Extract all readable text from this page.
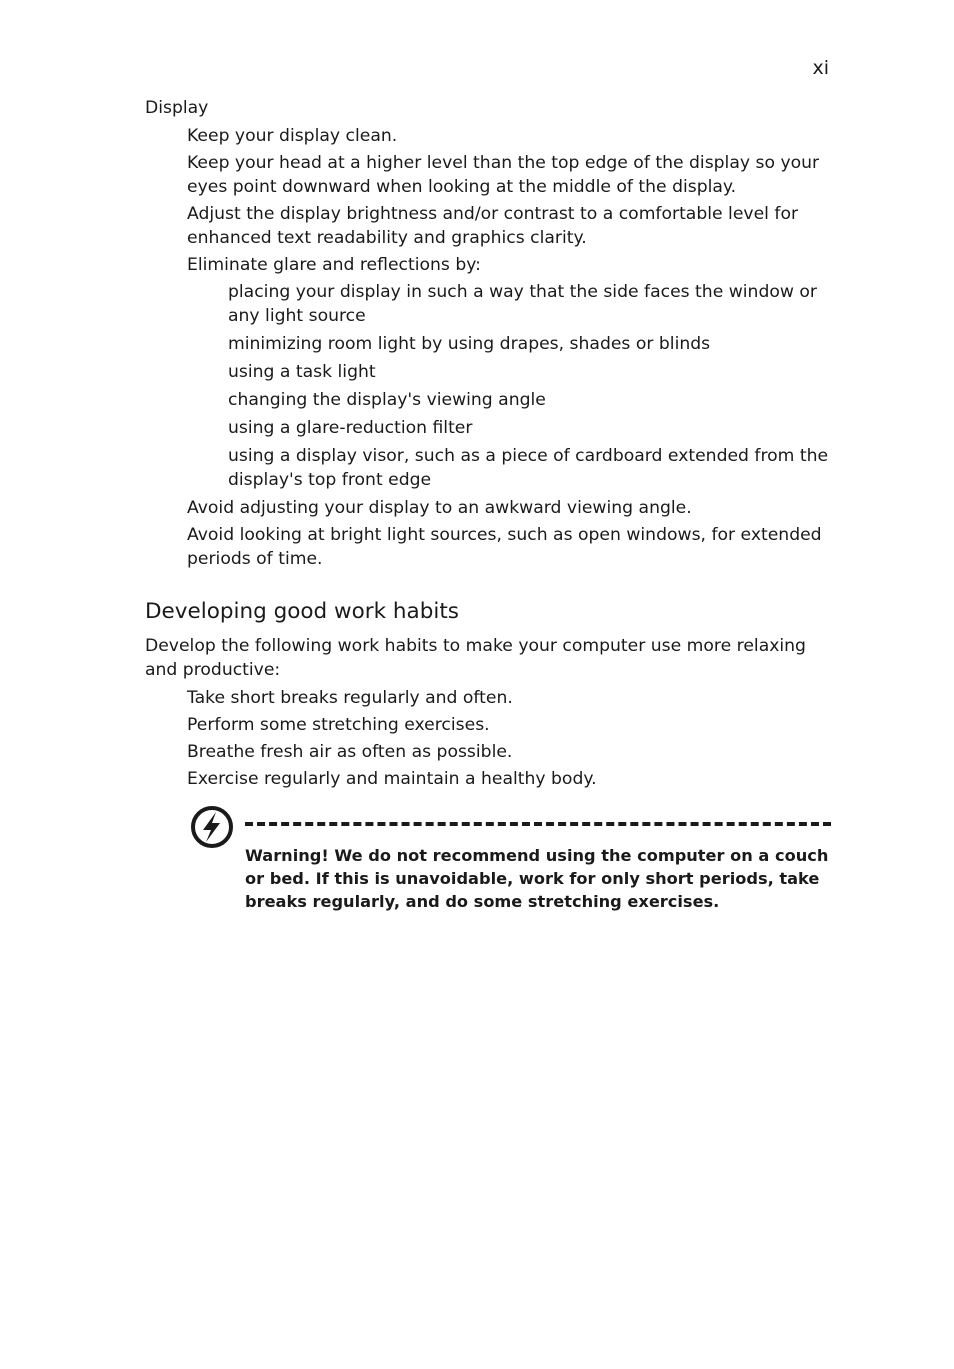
xi
Display
Keep your display clean.
Keep your head at a higher level than the top edge of the display so your eyes point downward when looking at the middle of the display.
Adjust the display brightness and/or contrast to a comfortable level for enhanced text readability and graphics clarity.
Eliminate glare and reflections by:
placing your display in such a way that the side faces the window or any light source
minimizing room light by using drapes, shades or blinds
using a task light
changing the display's viewing angle
using a glare-reduction filter
using a display visor, such as a piece of cardboard extended from the display's top front edge
Avoid adjusting your display to an awkward viewing angle.
Avoid looking at bright light sources, such as open windows, for extended periods of time.
Developing good work habits

Develop the following work habits to make your computer use more relaxing and productive:

Take short breaks regularly and often.
Perform some stretching exercises.
Breathe fresh air as often as possible.
Exercise regularly and maintain a healthy body.
Warning! We do not recommend using the computer on a couch or bed. If this is unavoidable, work for only short periods, take breaks regularly, and do some stretching exercises.
